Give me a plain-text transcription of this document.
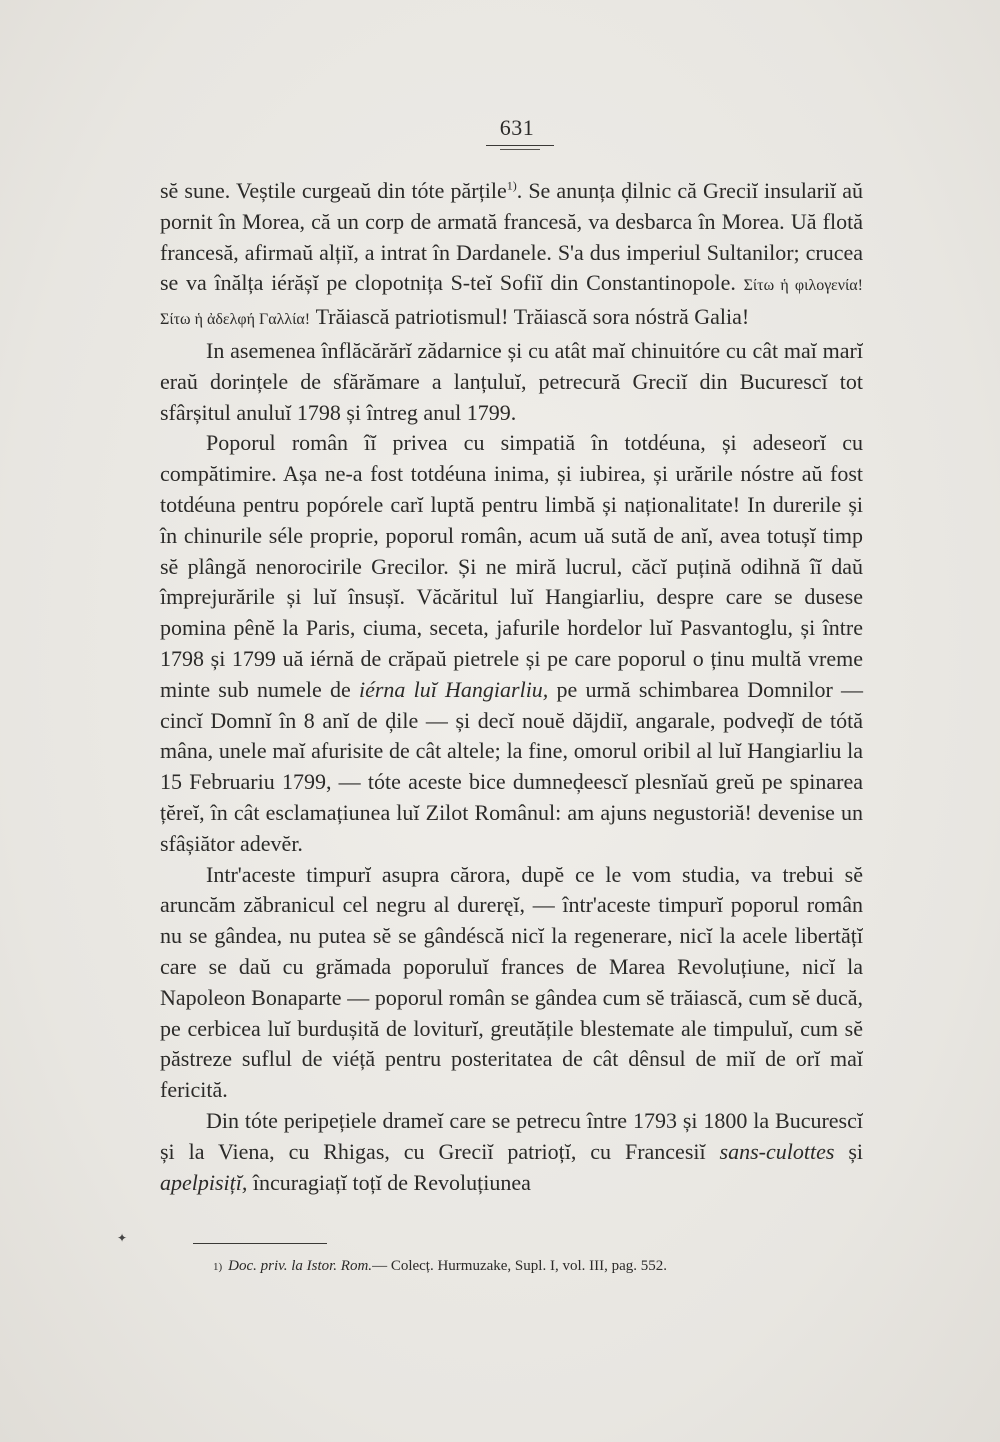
631

sĕ sune. Veștile curgeaŭ din tóte părțile$^{1)}$. Se anunța ḑilnic că Greciĭ insulariĭ aŭ pornit în Morea, că un corp de armată francesă, va desbarca în Morea. Uă flotă francesă, afirmaŭ alțiĭ, a intrat în Dardanele. S'a dus imperiul Sultanilor; crucea se va înălța iérășĭ pe clopotnița S-teĭ Sofiĭ din Constantinopole. Σίτω ἡ φιλογενία! Σίτω ἡ ἀδελφή Γαλλία! Trăiască patriotismul! Trăiască sora nóstră Galia!

In asemenea înflăcărărĭ zădarnice și cu atât maĭ chinuitóre cu cât maĭ marĭ eraŭ dorințele de sfărămare a lanțuluĭ, petrecură Greciĭ din Bucurescĭ tot sfârșitul anuluĭ 1798 și întreg anul 1799.

Poporul român îĭ privea cu simpatiă în totdéuna, și adeseorĭ cu compătimire. Așa ne-a fost totdéuna inima, și iubirea, și urările nóstre aŭ fost totdéuna pentru popórele carĭ luptă pentru limbă și naționalitate! In durerile și în chinurile séle proprie, poporul român, acum uă sută de anĭ, avea totușĭ timp sĕ plângă nenorocirile Grecilor. Și ne miră lucrul, căcĭ puțină odihnă îĭ daŭ împrejurările și luĭ însușĭ. Văcăritul luĭ Hangiarliu, despre care se dusese pomina pênĕ la Paris, ciuma, seceta, jafurile hordelor luĭ Pasvantoglu, și între 1798 și 1799 uă iérnă de crăpaŭ pietrele și pe care poporul o ținu multă vreme minte sub numele de iérna luĭ Hangiarliu, pe urmă schimbarea Domnilor — cincĭ Domnĭ în 8 anĭ de ḑile — și decĭ nouĕ dăjdiĭ, angarale, podveḑĭ de tótă mâna, unele maĭ afurisite de cât altele; la fine, omorul oribil al luĭ Hangiarliu la 15 Februariu 1799, — tóte aceste bice dumneḑeescĭ plesnĭaŭ greŭ pe spinarea țĕreĭ, în cât esclamațiunea luĭ Zilot Românul: am ajuns negustoriă! devenise un sfâșiător adevĕr.

Intr'aceste timpurĭ asupra cărora, dupĕ ce le vom studia, va trebui sĕ aruncăm zăbranicul cel negru al dureręĭ, — într'aceste timpurĭ poporul român nu se gândea, nu putea sĕ se gândéscă nicĭ la regenerare, nicĭ la acele libertățĭ care se daŭ cu grămada poporuluĭ frances de Marea Revoluțiune, nicĭ la Napoleon Bonaparte — poporul român se gândea cum sĕ trăiască, cum sĕ ducă, pe cerbicea luĭ burdușită de loviturĭ, greutățile blestemate ale timpuluĭ, cum sĕ păstreze suflul de viéță pentru posteritatea de cât dênsul de miĭ de orĭ maĭ fericită.

Din tóte peripețiele drameĭ care se petrecu între 1793 și 1800 la Bucurescĭ și la Viena, cu Rhigas, cu Greciĭ patrioțĭ, cu Francesiĭ sans-culottes și apelpisițĭ, încuragiațĭ toțĭ de Revoluțiunea

✦
1) Doc. priv. la Istor. Rom.— Colecț. Hurmuzake, Supl. I, vol. III, pag. 552.
